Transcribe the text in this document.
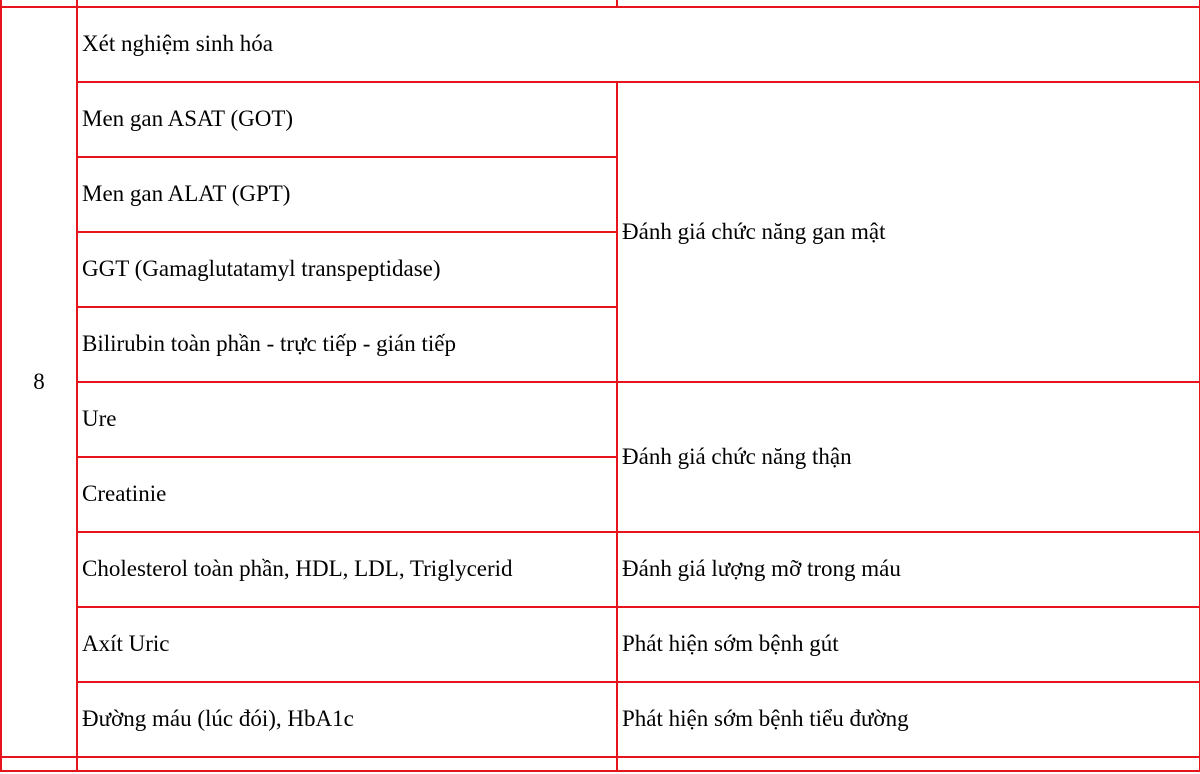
8	Xét nghiệm sinh hóa	
	Men gan ASAT (GOT)	Đánh giá chức năng gan mật
	Men gan ALAT (GPT)	
	GGT (Gamaglutatamyl transpeptidase)	
	Bilirubin toàn phần - trực tiếp - gián tiếp	
	Ure	Đánh giá chức năng thận
	Creatinie	
	Cholesterol toàn phần, HDL, LDL, Triglycerid	Đánh giá lượng mỡ trong máu
	Axít Uric	Phát hiện sớm bệnh gút
	Đường máu (lúc đói), HbA1c	Phát hiện sớm bệnh tiểu đường
